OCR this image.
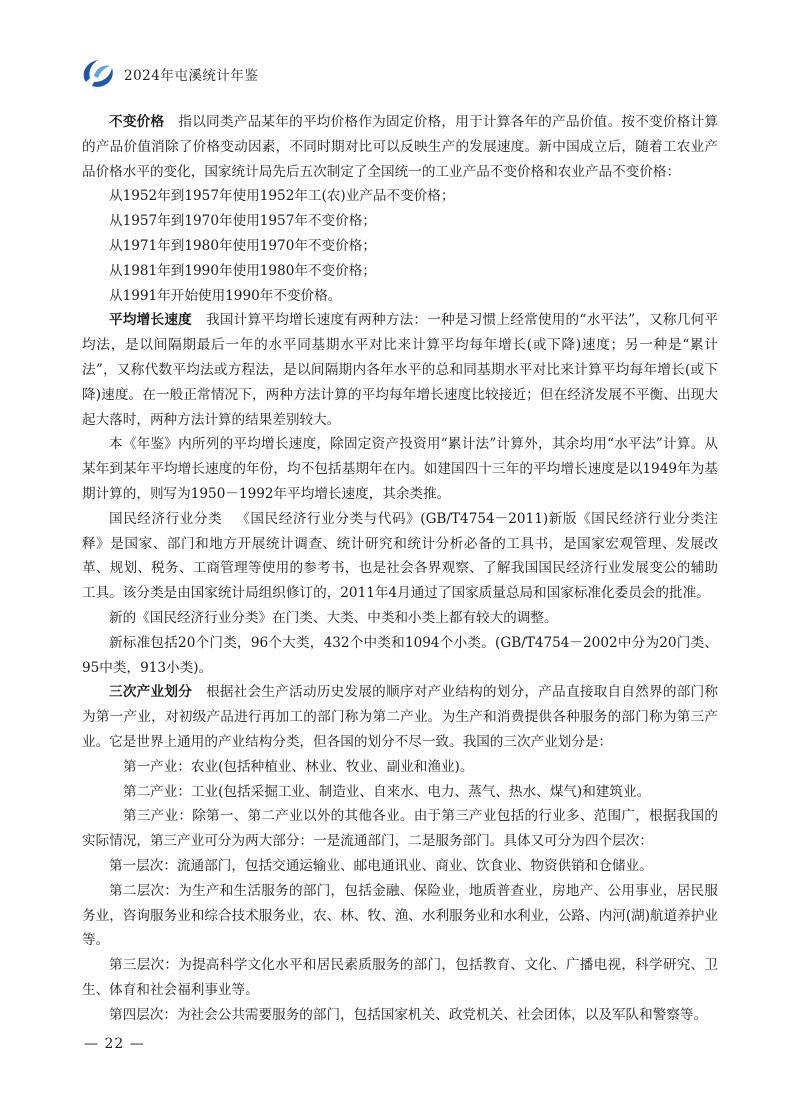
2024年屯溪统计年鉴

不变价格 指以同类产品某年的平均价格作为固定价格，用于计算各年的产品价值。按不变价格计算的产品价值消除了价格变动因素，不同时期对比可以反映生产的发展速度。新中国成立后，随着工农业产品价格水平的变化，国家统计局先后五次制定了全国统一的工业产品不变价格和农业产品不变价格：

从1952年到1957年使用1952年工(农)业产品不变价格；

从1957年到1970年使用1957年不变价格；

从1971年到1980年使用1970年不变价格；

从1981年到1990年使用1980年不变价格；

从1991年开始使用1990年不变价格。

平均增长速度 我国计算平均增长速度有两种方法：一种是习惯上经常使用的“水平法”，又称几何平均法，是以间隔期最后一年的水平同基期水平对比来计算平均每年增长(或下降)速度；另一种是“累计法”，又称代数平均法或方程法，是以间隔期内各年水平的总和同基期水平对比来计算平均每年增长(或下降)速度。在一般正常情况下，两种方法计算的平均每年增长速度比较接近；但在经济发展不平衡、出现大起大落时，两种方法计算的结果差别较大。

本《年鉴》内所列的平均增长速度，除固定资产投资用“累计法”计算外，其余均用“水平法”计算。从某年到某年平均增长速度的年份，均不包括基期年在内。如建国四十三年的平均增长速度是以1949年为基期计算的，则写为1950－1992年平均增长速度，其余类推。

国民经济行业分类 《国民经济行业分类与代码》(GB/T4754－2011)新版《国民经济行业分类注释》是国家、部门和地方开展统计调查、统计研究和统计分析必备的工具书，是国家宏观管理、发展改革、规划、税务、工商管理等使用的参考书，也是社会各界观察、了解我国国民经济行业发展变公的辅助工具。该分类是由国家统计局组织修订的，2011年4月通过了国家质量总局和国家标准化委员会的批准。

新的《国民经济行业分类》在门类、大类、中类和小类上都有较大的调整。

新标准包括20个门类，96个大类，432个中类和1094个小类。(GB/T4754－2002中分为20门类、95中类，913小类)。

三次产业划分 根据社会生产活动历史发展的顺序对产业结构的划分，产品直接取自自然界的部门称为第一产业，对初级产品进行再加工的部门称为第二产业。为生产和消费提供各种服务的部门称为第三产业。它是世界上通用的产业结构分类，但各国的划分不尽一致。我国的三次产业划分是：

第一产业：农业(包括种植业、林业、牧业、副业和渔业)。

第二产业：工业(包括采掘工业、制造业、自来水、电力、蒸气、热水、煤气)和建筑业。

第三产业：除第一、第二产业以外的其他各业。由于第三产业包括的行业多、范围广，根据我国的实际情况，第三产业可分为两大部分：一是流通部门，二是服务部门。具体又可分为四个层次：

第一层次：流通部门，包括交通运输业、邮电通讯业、商业、饮食业、物资供销和仓储业。

第二层次：为生产和生活服务的部门，包括金融、保险业，地质普查业，房地产、公用事业，居民服务业，咨询服务业和综合技术服务业，农、林、牧、渔、水利服务业和水利业，公路、内河(湖)航道养护业等。

第三层次：为提高科学文化水平和居民素质服务的部门，包括教育、文化、广播电视，科学研究、卫生、体育和社会福利事业等。

第四层次：为社会公共需要服务的部门，包括国家机关、政党机关、社会团体，以及军队和警察等。

— 22 —
